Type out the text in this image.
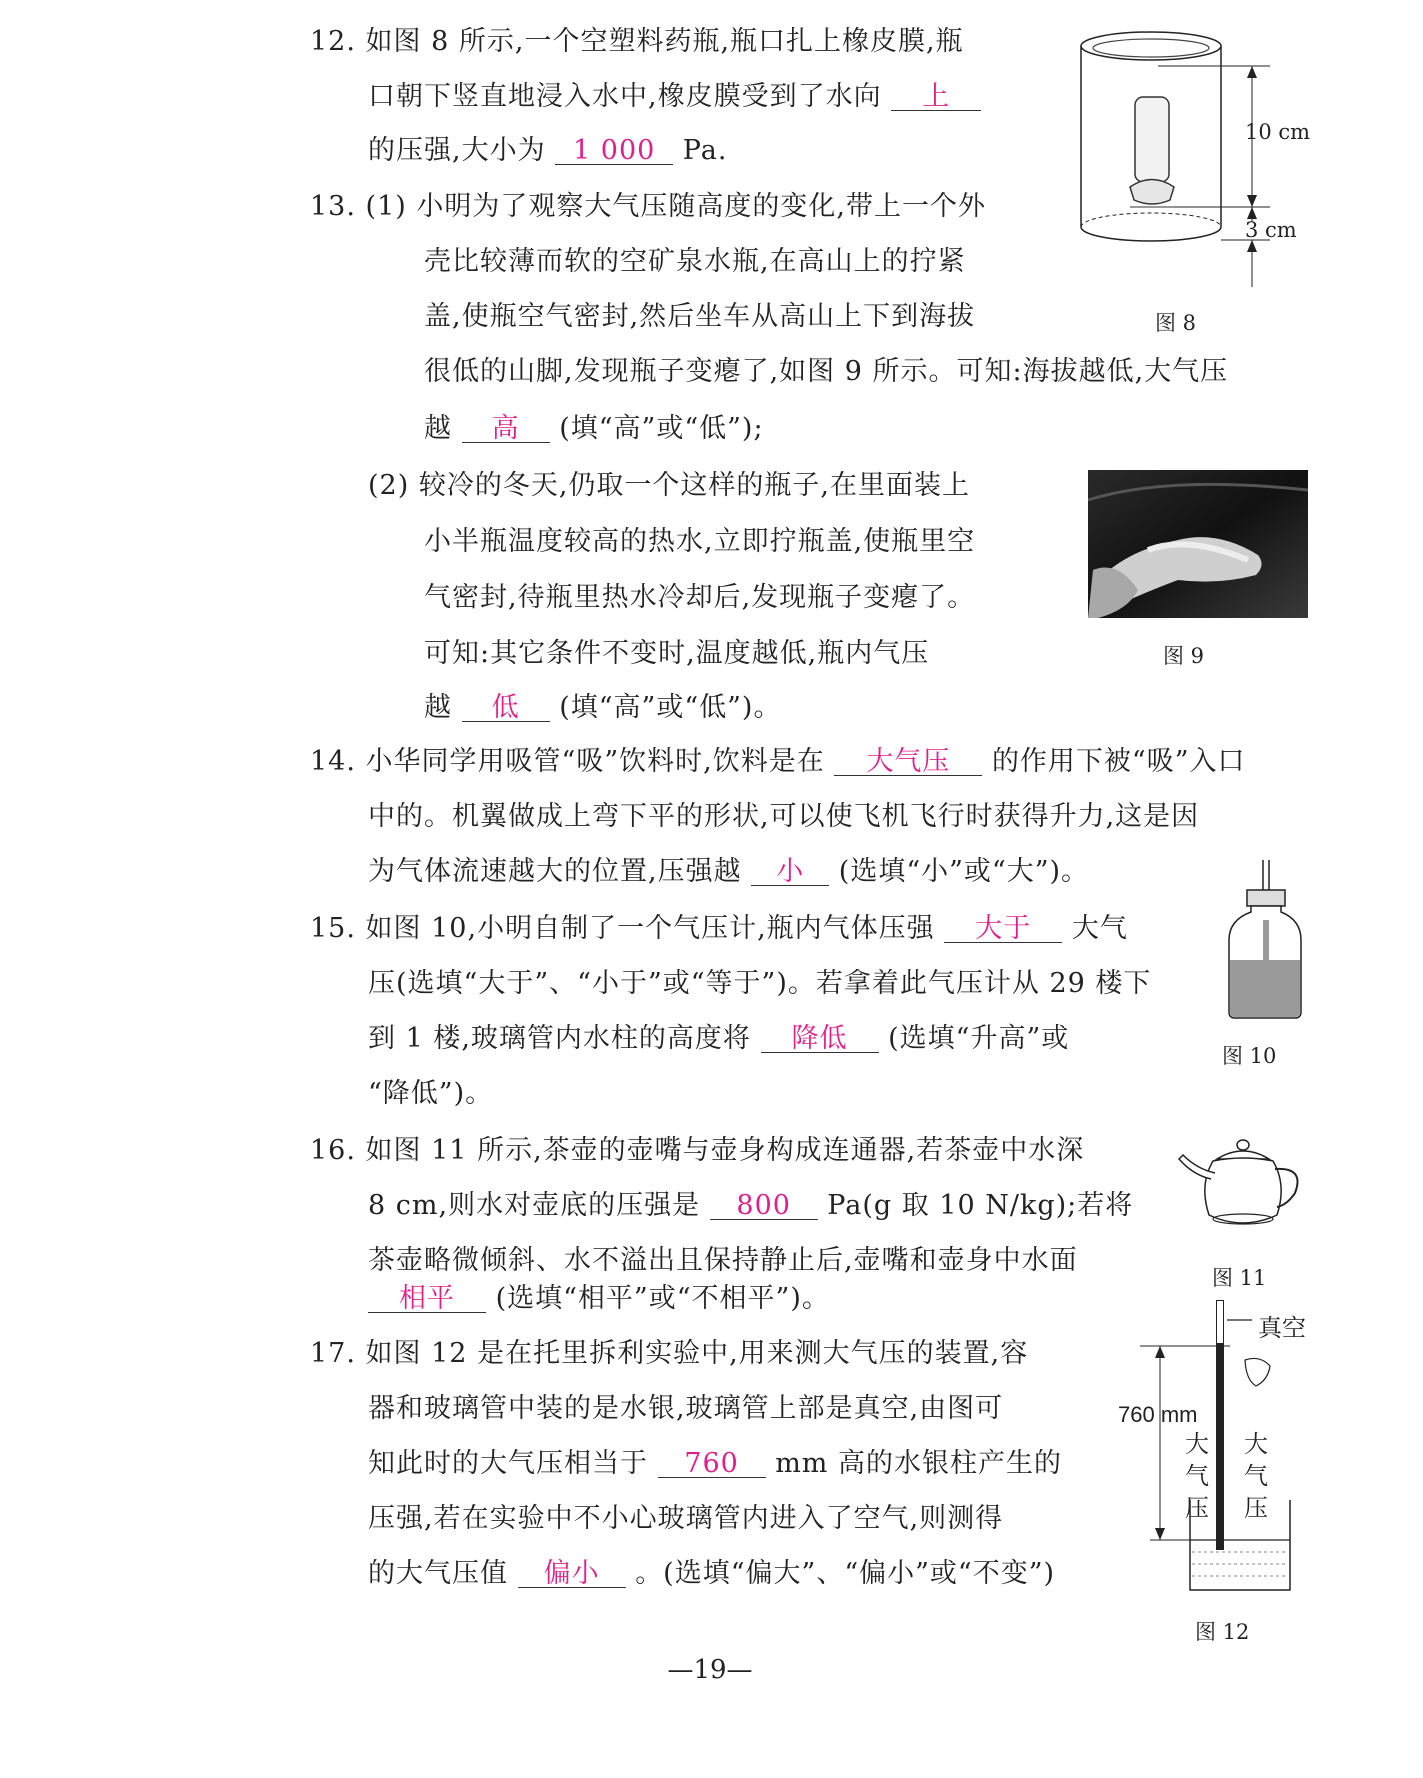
12. 如图 8 所示,一个空塑料药瓶,瓶口扎上橡皮膜,瓶
口朝下竖直地浸入水中,橡皮膜受到了水向 上
的压强,大小为 1 000 Pa.
10 cm
3 cm
图 8
13. (1) 小明为了观察大气压随高度的变化,带上一个外
壳比较薄而软的空矿泉水瓶,在高山上的拧紧
盖,使瓶空气密封,然后坐车从高山上下到海拔
很低的山脚,发现瓶子变瘪了,如图 9 所示。可知:海拔越低,大气压
越 高 (填“高”或“低”);
(2) 较冷的冬天,仍取一个这样的瓶子,在里面装上
小半瓶温度较高的热水,立即拧瓶盖,使瓶里空
气密封,待瓶里热水冷却后,发现瓶子变瘪了。
可知:其它条件不变时,温度越低,瓶内气压
越 低 (填“高”或“低”)。
图 9
14. 小华同学用吸管“吸”饮料时,饮料是在 大气压 的作用下被“吸”入口
中的。机翼做成上弯下平的形状,可以使飞机飞行时获得升力,这是因
为气体流速越大的位置,压强越 小 (选填“小”或“大”)。
15. 如图 10,小明自制了一个气压计,瓶内气体压强 大于 大气
压(选填“大于”、“小于”或“等于”)。若拿着此气压计从 29 楼下
到 1 楼,玻璃管内水柱的高度将 降低 (选填“升高”或
“降低”)。
图 10
16. 如图 11 所示,茶壶的壶嘴与壶身构成连通器,若茶壶中水深
8 cm,则水对壶底的压强是 800 Pa(g 取 10 N/kg);若将
茶壶略微倾斜、水不溢出且保持静止后,壶嘴和壶身中水面
相平 (选填“相平”或“不相平”)。
图 11
17. 如图 12 是在托里拆利实验中,用来测大气压的装置,容
器和玻璃管中装的是水银,玻璃管上部是真空,由图可
知此时的大气压相当于 760 mm 高的水银柱产生的
压强,若在实验中不小心玻璃管内进入了空气,则测得
的大气压值 偏小 。(选填“偏大”、“偏小”或“不变”)
真空
760 mm
大
气
压
大
气
压
图 12
—19—
